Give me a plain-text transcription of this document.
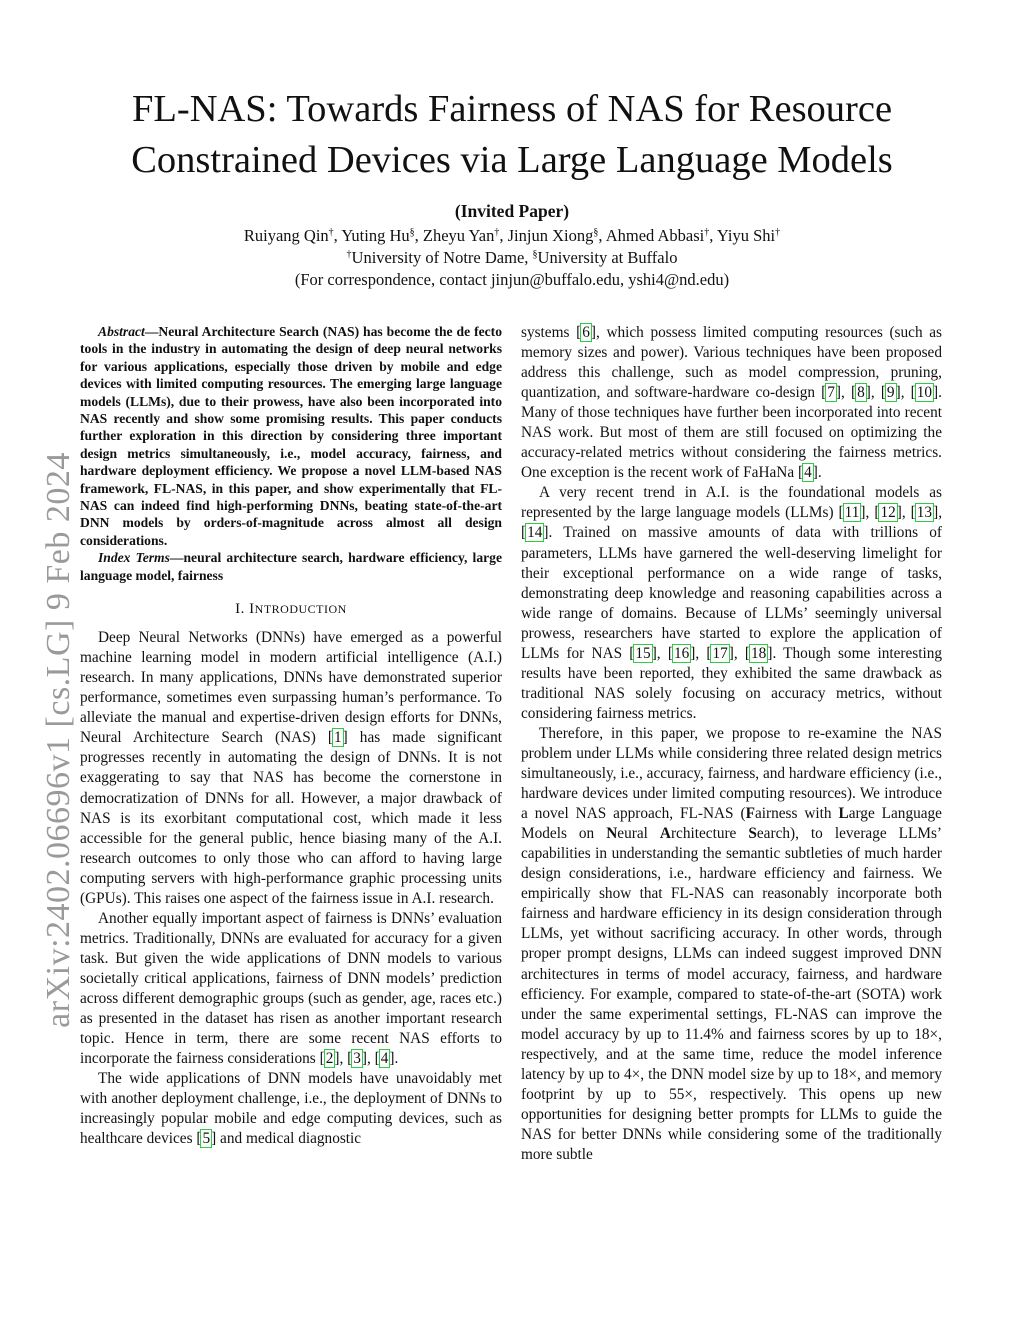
arXiv:2402.06696v1 [cs.LG] 9 Feb 2024
FL-NAS: Towards Fairness of NAS for Resource
Constrained Devices via Large Language Models
(Invited Paper)
Ruiyang Qin†, Yuting Hu§, Zheyu Yan†, Jinjun Xiong§, Ahmed Abbasi†, Yiyu Shi†
†University of Notre Dame, §University at Buffalo
(For correspondence, contact jinjun@buffalo.edu, yshi4@nd.edu)

Abstract—Neural Architecture Search (NAS) has become the de fecto tools in the industry in automating the design of deep neural networks for various applications, especially those driven by mobile and edge devices with limited computing resources. The emerging large language models (LLMs), due to their prowess, have also been incorporated into NAS recently and show some promising results. This paper conducts further exploration in this direction by considering three important design metrics simultaneously, i.e., model accuracy, fairness, and hardware deployment efficiency. We propose a novel LLM-based NAS framework, FL-NAS, in this paper, and show experimentally that FL-NAS can indeed find high-performing DNNs, beating state-of-the-art DNN models by orders-of-magnitude across almost all design considerations.

Index Terms—neural architecture search, hardware efficiency, large language model, fairness

I. INTRODUCTION

Deep Neural Networks (DNNs) have emerged as a powerful machine learning model in modern artificial intelligence (A.I.) research. In many applications, DNNs have demonstrated superior performance, sometimes even surpassing human’s performance. To alleviate the manual and expertise-driven design efforts for DNNs, Neural Architecture Search (NAS) [1] has made significant progresses recently in automating the design of DNNs. It is not exaggerating to say that NAS has become the cornerstone in democratization of DNNs for all. However, a major drawback of NAS is its exorbitant computational cost, which made it less accessible for the general public, hence biasing many of the A.I. research outcomes to only those who can afford to having large computing servers with high-performance graphic processing units (GPUs). This raises one aspect of the fairness issue in A.I. research.

Another equally important aspect of fairness is DNNs’ evaluation metrics. Traditionally, DNNs are evaluated for accuracy for a given task. But given the wide applications of DNN models to various societally critical applications, fairness of DNN models’ prediction across different demographic groups (such as gender, age, races etc.) as presented in the dataset has risen as another important research topic. Hence in term, there are some recent NAS efforts to incorporate the fairness considerations [2], [3], [4].

The wide applications of DNN models have unavoidably met with another deployment challenge, i.e., the deployment of DNNs to increasingly popular mobile and edge computing devices, such as healthcare devices [5] and medical diagnostic

systems [6], which possess limited computing resources (such as memory sizes and power). Various techniques have been proposed address this challenge, such as model compression, pruning, quantization, and software-hardware co-design [7], [8], [9], [10]. Many of those techniques have further been incorporated into recent NAS work. But most of them are still focused on optimizing the accuracy-related metrics without considering the fairness metrics. One exception is the recent work of FaHaNa [4].

A very recent trend in A.I. is the foundational models as represented by the large language models (LLMs) [11], [12], [13], [14]. Trained on massive amounts of data with trillions of parameters, LLMs have garnered the well-deserving limelight for their exceptional performance on a wide range of tasks, demonstrating deep knowledge and reasoning capabilities across a wide range of domains. Because of LLMs’ seemingly universal prowess, researchers have started to explore the application of LLMs for NAS [15], [16], [17], [18]. Though some interesting results have been reported, they exhibited the same drawback as traditional NAS solely focusing on accuracy metrics, without considering fairness metrics.

Therefore, in this paper, we propose to re-examine the NAS problem under LLMs while considering three related design metrics simultaneously, i.e., accuracy, fairness, and hardware efficiency (i.e., hardware devices under limited computing resources). We introduce a novel NAS approach, FL-NAS (Fairness with Large Language Models on Neural Architecture Search), to leverage LLMs’ capabilities in understanding the semantic subtleties of much harder design considerations, i.e., hardware efficiency and fairness. We empirically show that FL-NAS can reasonably incorporate both fairness and hardware efficiency in its design consideration through LLMs, yet without sacrificing accuracy. In other words, through proper prompt designs, LLMs can indeed suggest improved DNN architectures in terms of model accuracy, fairness, and hardware efficiency. For example, compared to state-of-the-art (SOTA) work under the same experimental settings, FL-NAS can improve the model accuracy by up to 11.4% and fairness scores by up to 18×, respectively, and at the same time, reduce the model inference latency by up to 4×, the DNN model size by up to 18×, and memory footprint by up to 55×, respectively. This opens up new opportunities for designing better prompts for LLMs to guide the NAS for better DNNs while considering some of the traditionally more subtle
